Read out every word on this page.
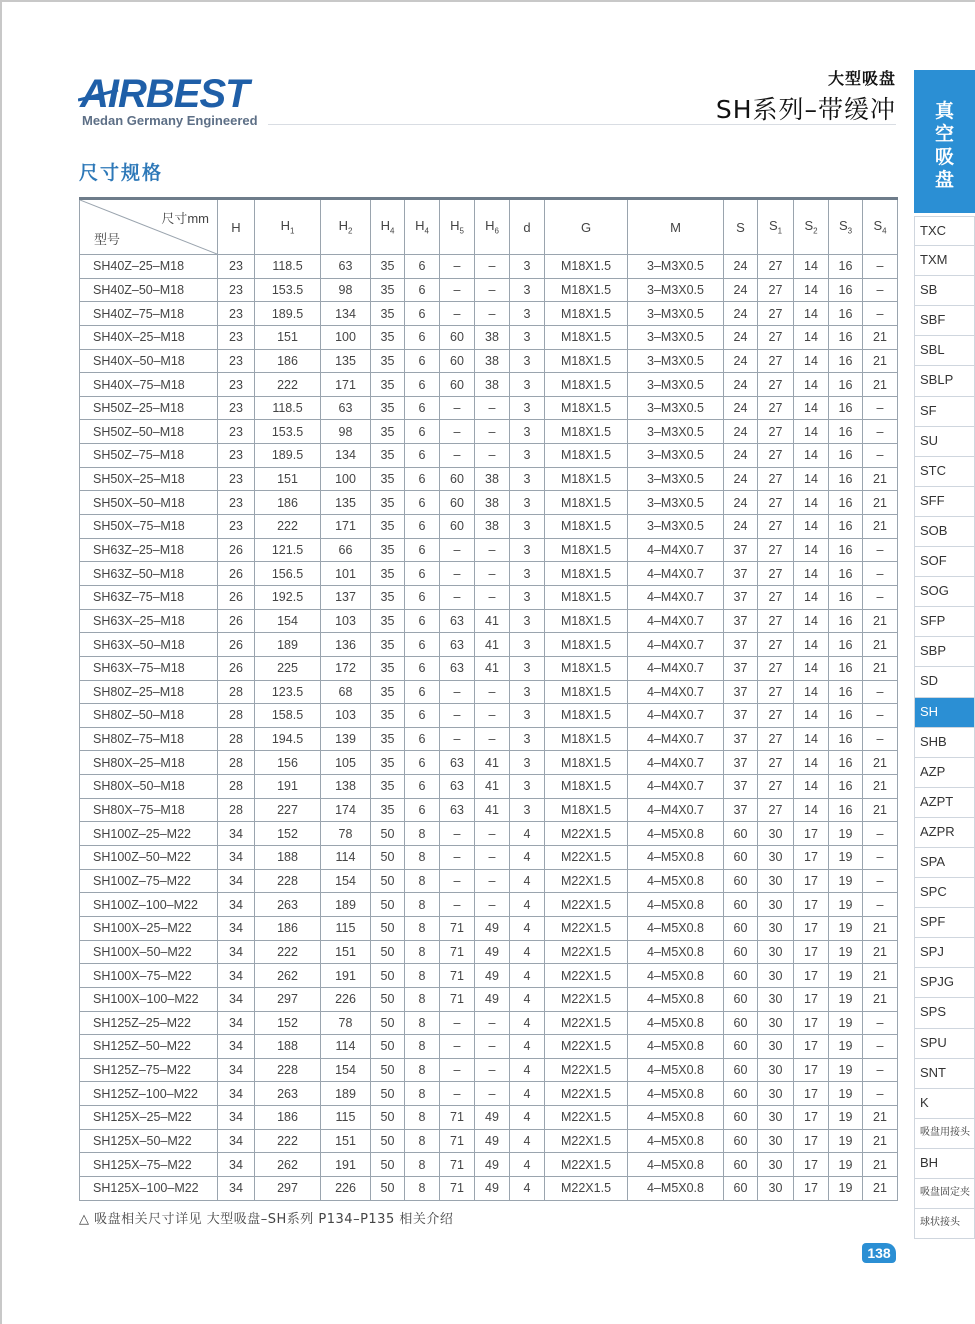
AIRBEST
Medan Germany Engineered
大型吸盘
SH系列–带缓冲
尺寸规格
真
空
吸
盘
TXC
TXM
SB
SBF
SBL
SBLP
SF
SU
STC
SFF
SOB
SOF
SOG
SFP
SBP
SD
SH
SHB
AZP
AZPT
AZPR
SPA
SPC
SPF
SPJ
SPJG
SPS
SPU
SNT
K
吸盘用接头
BH
吸盘固定夹
球状接头
尺寸mm
型号	H	$H_1$	$H_2$	$H_4$	$H_4$	$H_5$	$H_6$	d	G	M	S	$S_1$	$S_2$	$S_3$	$S_4$
SH40Z–25–M18	23	118.5	63	35	6	–	–	3	M18X1.5	3–M3X0.5	24	27	14	16	–
SH40Z–50–M18	23	153.5	98	35	6	–	–	3	M18X1.5	3–M3X0.5	24	27	14	16	–
SH40Z–75–M18	23	189.5	134	35	6	–	–	3	M18X1.5	3–M3X0.5	24	27	14	16	–
SH40X–25–M18	23	151	100	35	6	60	38	3	M18X1.5	3–M3X0.5	24	27	14	16	21
SH40X–50–M18	23	186	135	35	6	60	38	3	M18X1.5	3–M3X0.5	24	27	14	16	21
SH40X–75–M18	23	222	171	35	6	60	38	3	M18X1.5	3–M3X0.5	24	27	14	16	21
SH50Z–25–M18	23	118.5	63	35	6	–	–	3	M18X1.5	3–M3X0.5	24	27	14	16	–
SH50Z–50–M18	23	153.5	98	35	6	–	–	3	M18X1.5	3–M3X0.5	24	27	14	16	–
SH50Z–75–M18	23	189.5	134	35	6	–	–	3	M18X1.5	3–M3X0.5	24	27	14	16	–
SH50X–25–M18	23	151	100	35	6	60	38	3	M18X1.5	3–M3X0.5	24	27	14	16	21
SH50X–50–M18	23	186	135	35	6	60	38	3	M18X1.5	3–M3X0.5	24	27	14	16	21
SH50X–75–M18	23	222	171	35	6	60	38	3	M18X1.5	3–M3X0.5	24	27	14	16	21
SH63Z–25–M18	26	121.5	66	35	6	–	–	3	M18X1.5	4–M4X0.7	37	27	14	16	–
SH63Z–50–M18	26	156.5	101	35	6	–	–	3	M18X1.5	4–M4X0.7	37	27	14	16	–
SH63Z–75–M18	26	192.5	137	35	6	–	–	3	M18X1.5	4–M4X0.7	37	27	14	16	–
SH63X–25–M18	26	154	103	35	6	63	41	3	M18X1.5	4–M4X0.7	37	27	14	16	21
SH63X–50–M18	26	189	136	35	6	63	41	3	M18X1.5	4–M4X0.7	37	27	14	16	21
SH63X–75–M18	26	225	172	35	6	63	41	3	M18X1.5	4–M4X0.7	37	27	14	16	21
SH80Z–25–M18	28	123.5	68	35	6	–	–	3	M18X1.5	4–M4X0.7	37	27	14	16	–
SH80Z–50–M18	28	158.5	103	35	6	–	–	3	M18X1.5	4–M4X0.7	37	27	14	16	–
SH80Z–75–M18	28	194.5	139	35	6	–	–	3	M18X1.5	4–M4X0.7	37	27	14	16	–
SH80X–25–M18	28	156	105	35	6	63	41	3	M18X1.5	4–M4X0.7	37	27	14	16	21
SH80X–50–M18	28	191	138	35	6	63	41	3	M18X1.5	4–M4X0.7	37	27	14	16	21
SH80X–75–M18	28	227	174	35	6	63	41	3	M18X1.5	4–M4X0.7	37	27	14	16	21
SH100Z–25–M22	34	152	78	50	8	–	–	4	M22X1.5	4–M5X0.8	60	30	17	19	–
SH100Z–50–M22	34	188	114	50	8	–	–	4	M22X1.5	4–M5X0.8	60	30	17	19	–
SH100Z–75–M22	34	228	154	50	8	–	–	4	M22X1.5	4–M5X0.8	60	30	17	19	–
SH100Z–100–M22	34	263	189	50	8	–	–	4	M22X1.5	4–M5X0.8	60	30	17	19	–
SH100X–25–M22	34	186	115	50	8	71	49	4	M22X1.5	4–M5X0.8	60	30	17	19	21
SH100X–50–M22	34	222	151	50	8	71	49	4	M22X1.5	4–M5X0.8	60	30	17	19	21
SH100X–75–M22	34	262	191	50	8	71	49	4	M22X1.5	4–M5X0.8	60	30	17	19	21
SH100X–100–M22	34	297	226	50	8	71	49	4	M22X1.5	4–M5X0.8	60	30	17	19	21
SH125Z–25–M22	34	152	78	50	8	–	–	4	M22X1.5	4–M5X0.8	60	30	17	19	–
SH125Z–50–M22	34	188	114	50	8	–	–	4	M22X1.5	4–M5X0.8	60	30	17	19	–
SH125Z–75–M22	34	228	154	50	8	–	–	4	M22X1.5	4–M5X0.8	60	30	17	19	–
SH125Z–100–M22	34	263	189	50	8	–	–	4	M22X1.5	4–M5X0.8	60	30	17	19	–
SH125X–25–M22	34	186	115	50	8	71	49	4	M22X1.5	4–M5X0.8	60	30	17	19	21
SH125X–50–M22	34	222	151	50	8	71	49	4	M22X1.5	4–M5X0.8	60	30	17	19	21
SH125X–75–M22	34	262	191	50	8	71	49	4	M22X1.5	4–M5X0.8	60	30	17	19	21
SH125X–100–M22	34	297	226	50	8	71	49	4	M22X1.5	4–M5X0.8	60	30	17	19	21
△ 吸盘相关尺寸详见 大型吸盘–SH系列 P134–P135 相关介绍
138
